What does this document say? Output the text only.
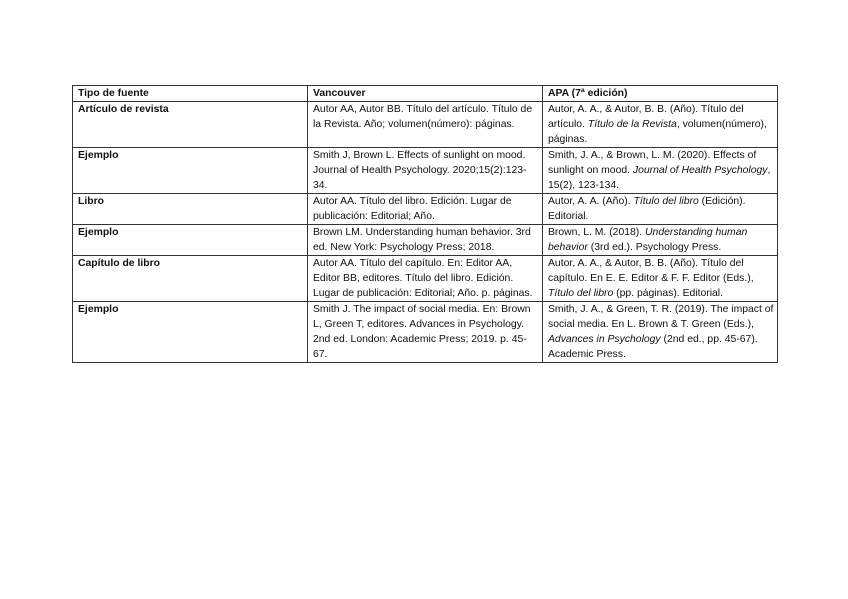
Tipo de fuente	Vancouver	APA (7ª edición)
Artículo de revista	Autor AA, Autor BB. Título del artículo. Título de la Revista. Año; volumen(número): páginas.	Autor, A. A., & Autor, B. B. (Año). Título del artículo. Título de la Revista, volumen(número), páginas.
Ejemplo	Smith J, Brown L. Effects of sunlight on mood. Journal of Health Psychology. 2020;15(2):123-34.	Smith, J. A., & Brown, L. M. (2020). Effects of sunlight on mood. Journal of Health Psychology, 15(2), 123-134.
Libro	Autor AA. Título del libro. Edición. Lugar de publicación: Editorial; Año.	Autor, A. A. (Año). Título del libro (Edición). Editorial.
Ejemplo	Brown LM. Understanding human behavior. 3rd ed. New York: Psychology Press; 2018.	Brown, L. M. (2018). Understanding human behavior (3rd ed.). Psychology Press.
Capítulo de libro	Autor AA. Título del capítulo. En: Editor AA, Editor BB, editores. Título del libro. Edición. Lugar de publicación: Editorial; Año. p. páginas.	Autor, A. A., & Autor, B. B. (Año). Título del capítulo. En E. E. Editor & F. F. Editor (Eds.), Título del libro (pp. páginas). Editorial.
Ejemplo	Smith J. The impact of social media. En: Brown L, Green T, editores. Advances in Psychology. 2nd ed. London: Academic Press; 2019. p. 45-67.	Smith, J. A., & Green, T. R. (2019). The impact of social media. En L. Brown & T. Green (Eds.), Advances in Psychology (2nd ed., pp. 45-67). Academic Press.
